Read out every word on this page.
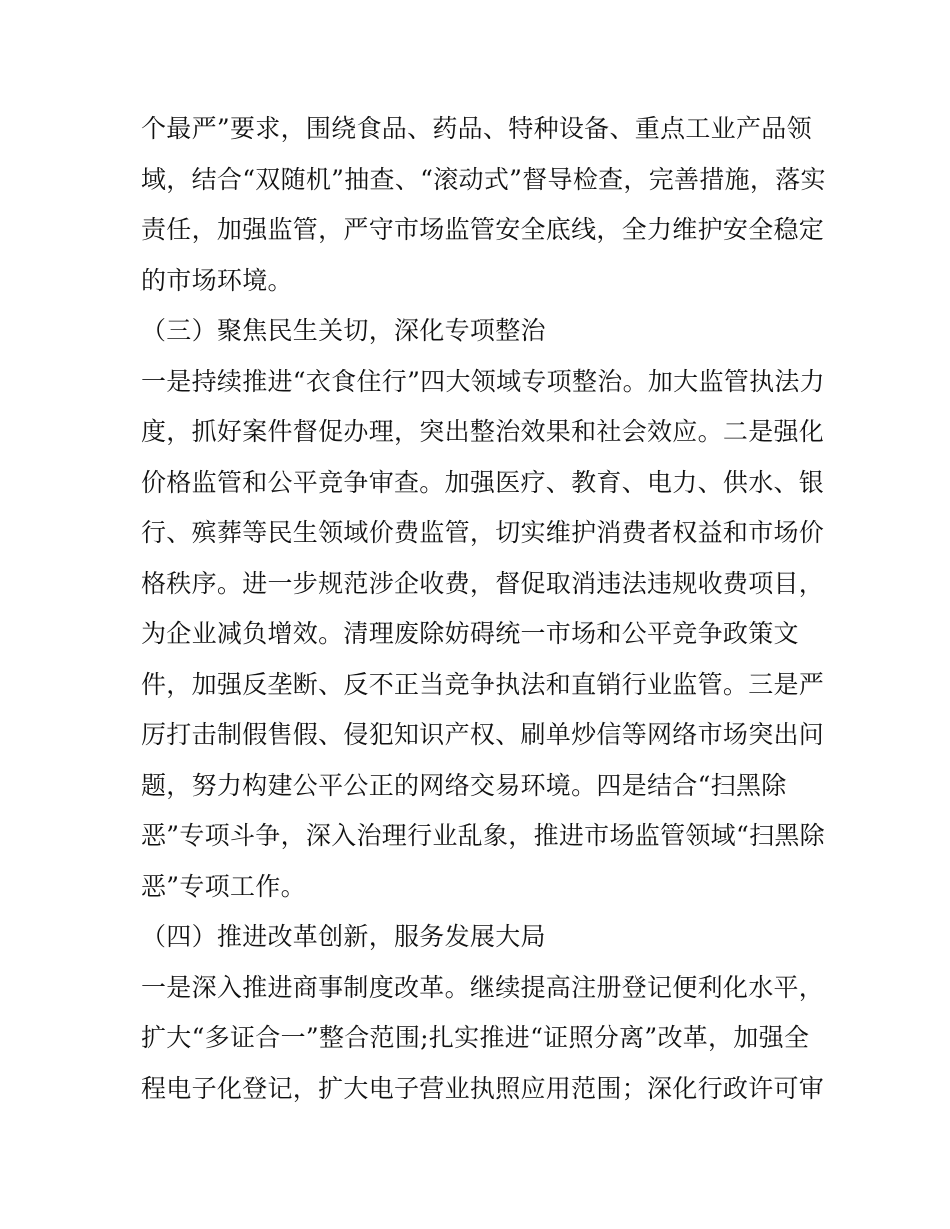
个最严”要求，围绕食品、药品、特种设备、重点工业产品领
域，结合“双随机”抽查、“滚动式”督导检查，完善措施，落实
责任，加强监管，严守市场监管安全底线，全力维护安全稳定
的市场环境。
（三）聚焦民生关切，深化专项整治
一是持续推进“衣食住行”四大领域专项整治。加大监管执法力
度，抓好案件督促办理，突出整治效果和社会效应。二是强化
价格监管和公平竞争审查。加强医疗、教育、电力、供水、银
行、殡葬等民生领域价费监管，切实维护消费者权益和市场价
格秩序。进一步规范涉企收费，督促取消违法违规收费项目，
为企业减负增效。清理废除妨碍统一市场和公平竞争政策文
件，加强反垄断、反不正当竞争执法和直销行业监管。三是严
厉打击制假售假、侵犯知识产权、刷单炒信等网络市场突出问
题，努力构建公平公正的网络交易环境。四是结合“扫黑除
恶”专项斗争，深入治理行业乱象，推进市场监管领域“扫黑除
恶”专项工作。
（四）推进改革创新，服务发展大局
一是深入推进商事制度改革。继续提高注册登记便利化水平，
扩大“多证合一”整合范围;扎实推进“证照分离”改革，加强全
程电子化登记，扩大电子营业执照应用范围；深化行政许可审
